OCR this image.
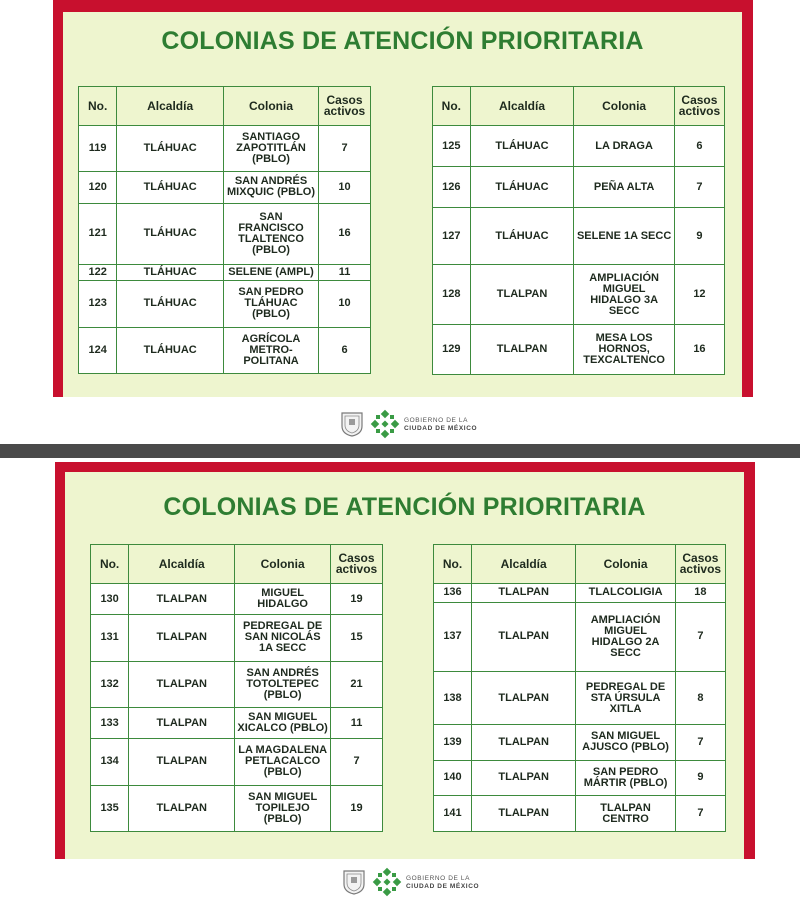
COLONIAS DE ATENCIÓN PRIORITARIA
No.	Alcaldía	Colonia	Casos activos
119	TLÁHUAC	SANTIAGO ZAPOTITLÁN (PBLO)	7
120	TLÁHUAC	SAN ANDRÉS MIXQUIC (PBLO)	10
121	TLÁHUAC	SAN FRANCISCO TLALTENCO (PBLO)	16
122	TLÁHUAC	SELENE (AMPL)	11
123	TLÁHUAC	SAN PEDRO TLÁHUAC (PBLO)	10
124	TLÁHUAC	AGRÍCOLA METRO-POLITANA	6
No.	Alcaldía	Colonia	Casos activos
125	TLÁHUAC	LA DRAGA	6
126	TLÁHUAC	PEÑA ALTA	7
127	TLÁHUAC	SELENE 1A SECC	9
128	TLALPAN	AMPLIACIÓN MIGUEL HIDALGO 3A SECC	12
129	TLALPAN	MESA LOS HORNOS, TEXCALTENCO	16
GOBIERNO DE LA
CIUDAD DE MÉXICO
COLONIAS DE ATENCIÓN PRIORITARIA
No.	Alcaldía	Colonia	Casos activos
130	TLALPAN	MIGUEL HIDALGO	19
131	TLALPAN	PEDREGAL DE SAN NICOLÁS 1A SECC	15
132	TLALPAN	SAN ANDRÉS TOTOLTEPEC (PBLO)	21
133	TLALPAN	SAN MIGUEL XICALCO (PBLO)	11
134	TLALPAN	LA MAGDALENA PETLACALCO (PBLO)	7
135	TLALPAN	SAN MIGUEL TOPILEJO (PBLO)	19
No.	Alcaldía	Colonia	Casos activos
136	TLALPAN	TLALCOLIGIA	18
137	TLALPAN	AMPLIACIÓN MIGUEL HIDALGO 2A SECC	7
138	TLALPAN	PEDREGAL DE STA ÚRSULA XITLA	8
139	TLALPAN	SAN MIGUEL AJUSCO (PBLO)	7
140	TLALPAN	SAN PEDRO MÁRTIR (PBLO)	9
141	TLALPAN	TLALPAN CENTRO	7
GOBIERNO DE LA
CIUDAD DE MÉXICO
